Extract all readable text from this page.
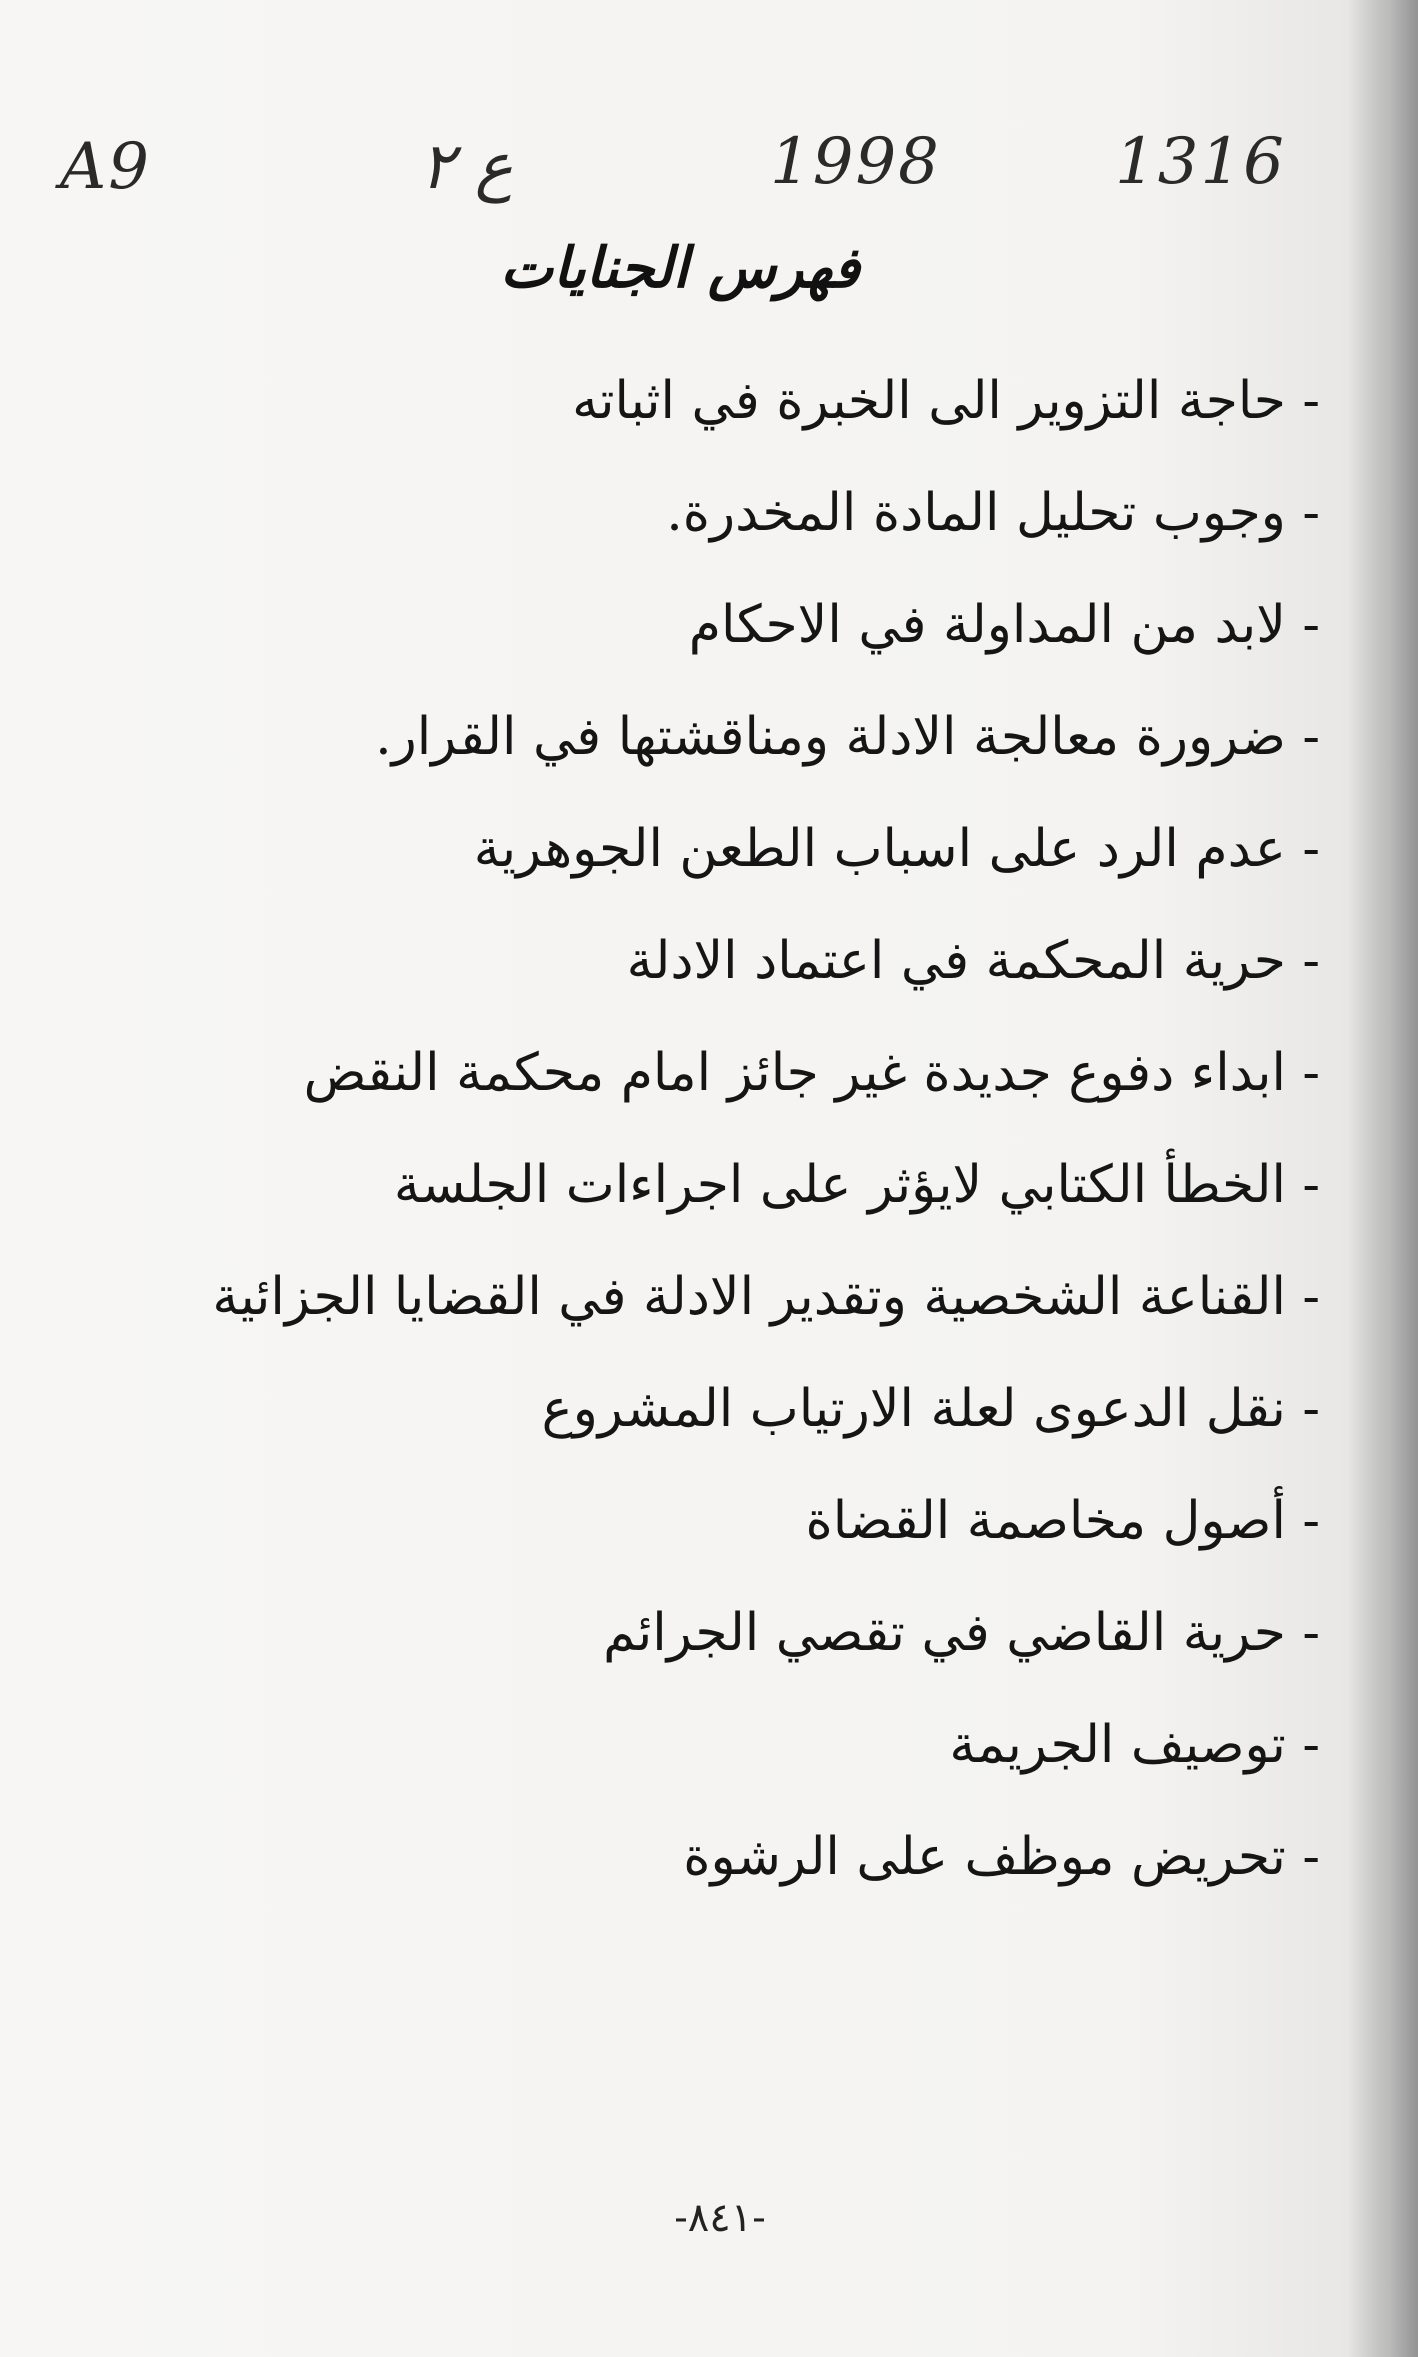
A9	ع ٢	1998	1316
فهرس الجنايات
- حاجة التزوير الى الخبرة في اثباته
- وجوب تحليل المادة المخدرة.
- لابد من المداولة في الاحكام
- ضرورة معالجة الادلة ومناقشتها في القرار.
- عدم الرد على اسباب الطعن الجوهرية
- حرية المحكمة في اعتماد الادلة
- ابداء دفوع جديدة غير جائز امام محكمة النقض
- الخطأ الكتابي لايؤثر على اجراءات الجلسة
- القناعة الشخصية وتقدير الادلة في القضايا الجزائية
- نقل الدعوى لعلة الارتياب المشروع
- أصول مخاصمة القضاة
- حرية القاضي في تقصي الجرائم
- توصيف الجريمة
- تحريض موظف على الرشوة
-٨٤١-
